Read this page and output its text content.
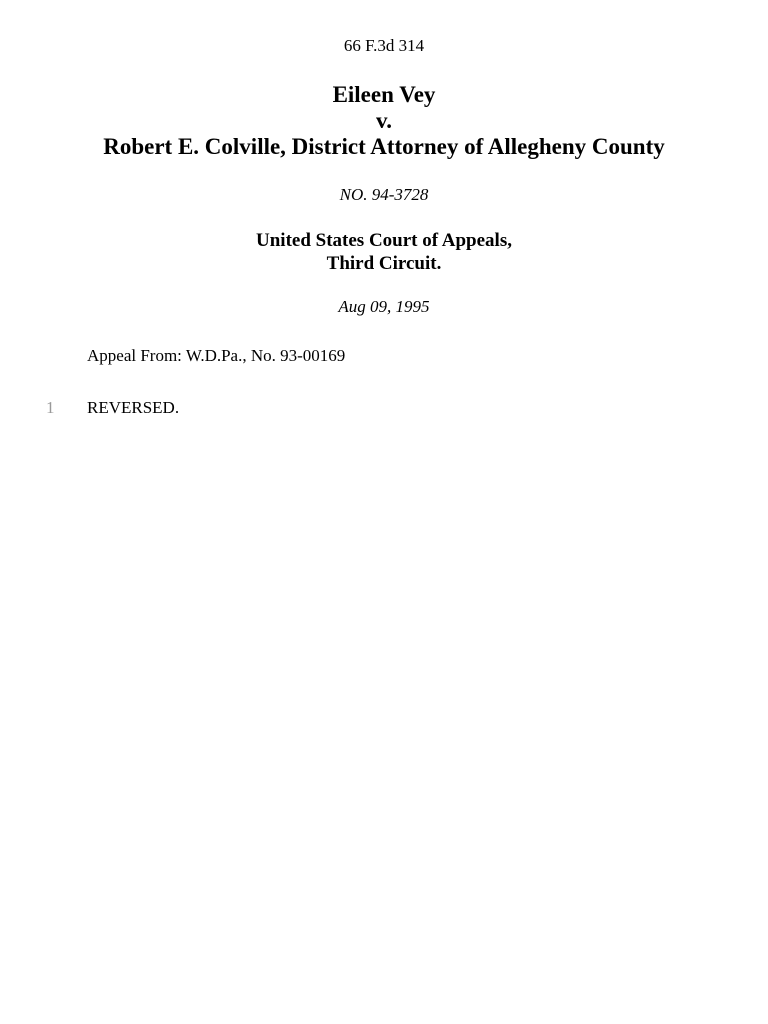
66 F.3d 314
Eileen Vey
v.
Robert E. Colville, District Attorney of Allegheny County
NO. 94-3728
United States Court of Appeals,
Third Circuit.
Aug 09, 1995
Appeal From: W.D.Pa., No. 93-00169
1 REVERSED.
